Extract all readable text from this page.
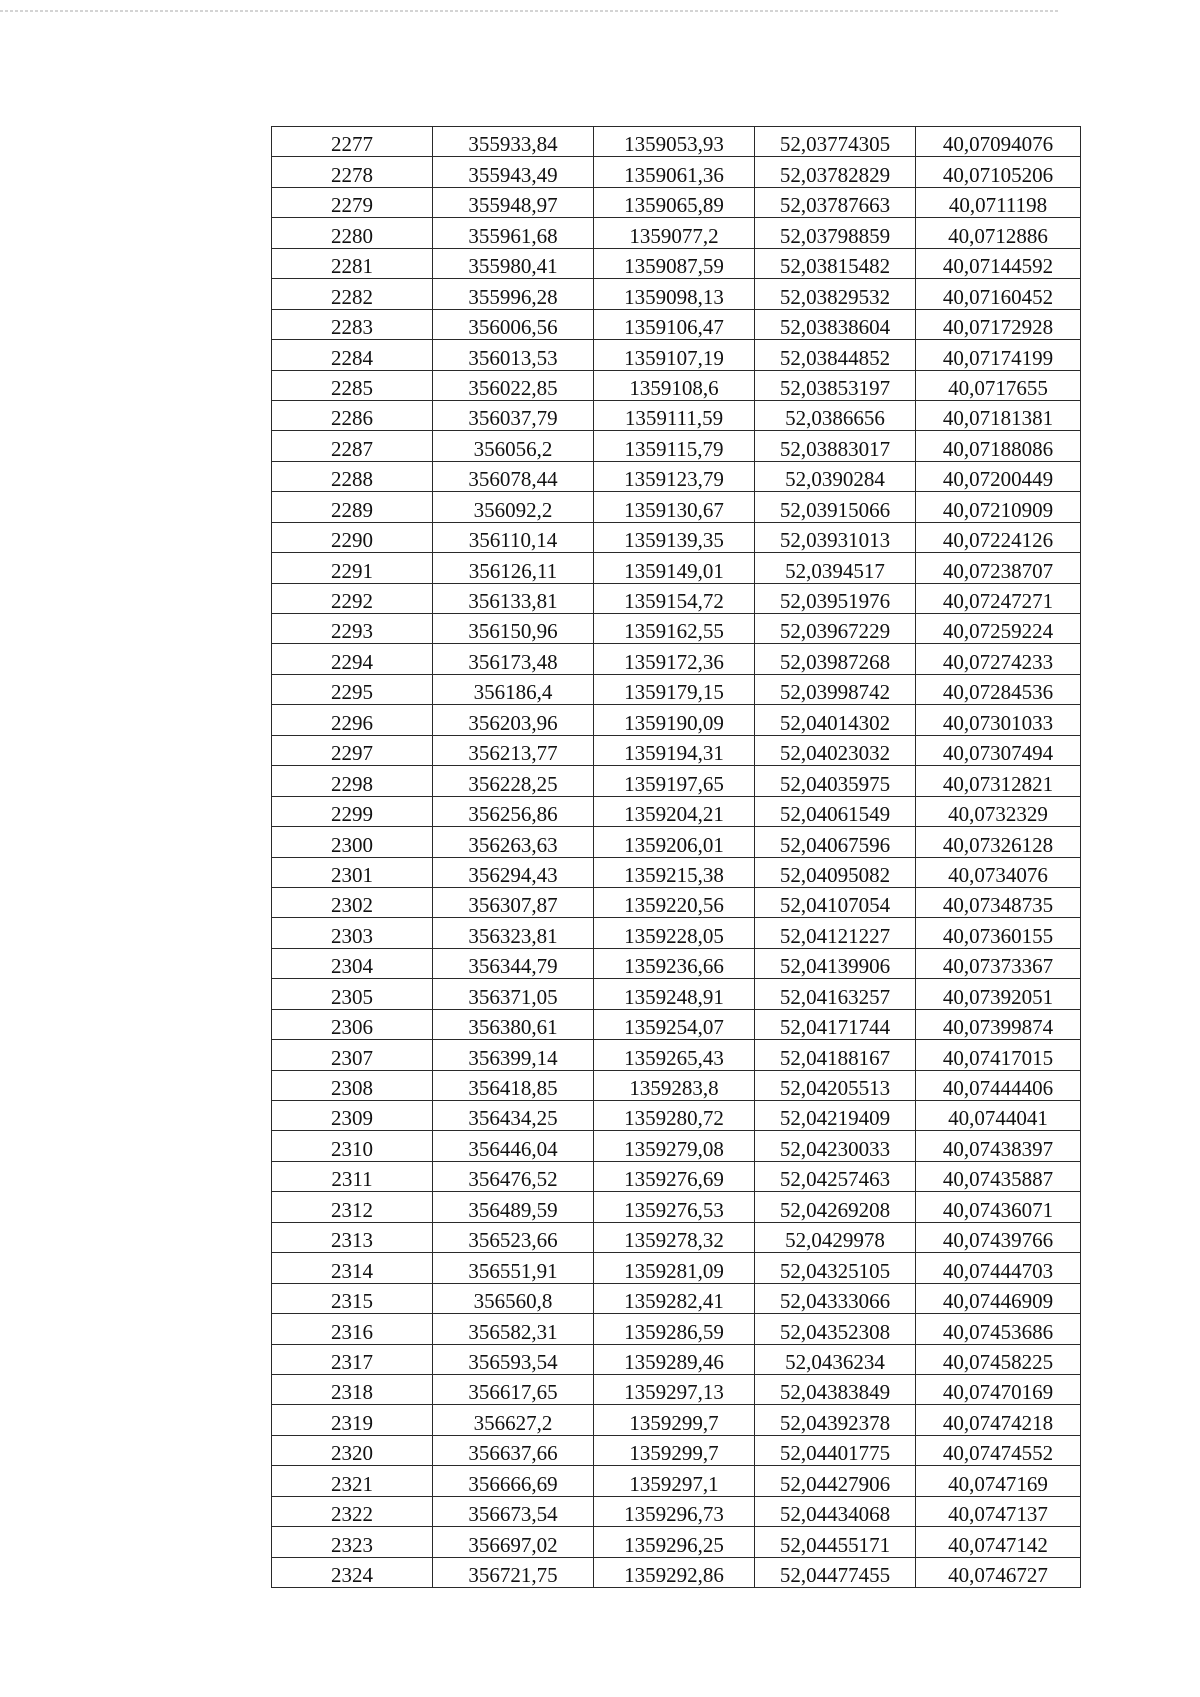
2277	355933,84	1359053,93	52,03774305	40,07094076
2278	355943,49	1359061,36	52,03782829	40,07105206
2279	355948,97	1359065,89	52,03787663	40,0711198
2280	355961,68	1359077,2	52,03798859	40,0712886
2281	355980,41	1359087,59	52,03815482	40,07144592
2282	355996,28	1359098,13	52,03829532	40,07160452
2283	356006,56	1359106,47	52,03838604	40,07172928
2284	356013,53	1359107,19	52,03844852	40,07174199
2285	356022,85	1359108,6	52,03853197	40,0717655
2286	356037,79	1359111,59	52,0386656	40,07181381
2287	356056,2	1359115,79	52,03883017	40,07188086
2288	356078,44	1359123,79	52,0390284	40,07200449
2289	356092,2	1359130,67	52,03915066	40,07210909
2290	356110,14	1359139,35	52,03931013	40,07224126
2291	356126,11	1359149,01	52,0394517	40,07238707
2292	356133,81	1359154,72	52,03951976	40,07247271
2293	356150,96	1359162,55	52,03967229	40,07259224
2294	356173,48	1359172,36	52,03987268	40,07274233
2295	356186,4	1359179,15	52,03998742	40,07284536
2296	356203,96	1359190,09	52,04014302	40,07301033
2297	356213,77	1359194,31	52,04023032	40,07307494
2298	356228,25	1359197,65	52,04035975	40,07312821
2299	356256,86	1359204,21	52,04061549	40,0732329
2300	356263,63	1359206,01	52,04067596	40,07326128
2301	356294,43	1359215,38	52,04095082	40,0734076
2302	356307,87	1359220,56	52,04107054	40,07348735
2303	356323,81	1359228,05	52,04121227	40,07360155
2304	356344,79	1359236,66	52,04139906	40,07373367
2305	356371,05	1359248,91	52,04163257	40,07392051
2306	356380,61	1359254,07	52,04171744	40,07399874
2307	356399,14	1359265,43	52,04188167	40,07417015
2308	356418,85	1359283,8	52,04205513	40,07444406
2309	356434,25	1359280,72	52,04219409	40,0744041
2310	356446,04	1359279,08	52,04230033	40,07438397
2311	356476,52	1359276,69	52,04257463	40,07435887
2312	356489,59	1359276,53	52,04269208	40,07436071
2313	356523,66	1359278,32	52,0429978	40,07439766
2314	356551,91	1359281,09	52,04325105	40,07444703
2315	356560,8	1359282,41	52,04333066	40,07446909
2316	356582,31	1359286,59	52,04352308	40,07453686
2317	356593,54	1359289,46	52,0436234	40,07458225
2318	356617,65	1359297,13	52,04383849	40,07470169
2319	356627,2	1359299,7	52,04392378	40,07474218
2320	356637,66	1359299,7	52,04401775	40,07474552
2321	356666,69	1359297,1	52,04427906	40,0747169
2322	356673,54	1359296,73	52,04434068	40,0747137
2323	356697,02	1359296,25	52,04455171	40,0747142
2324	356721,75	1359292,86	52,04477455	40,0746727
